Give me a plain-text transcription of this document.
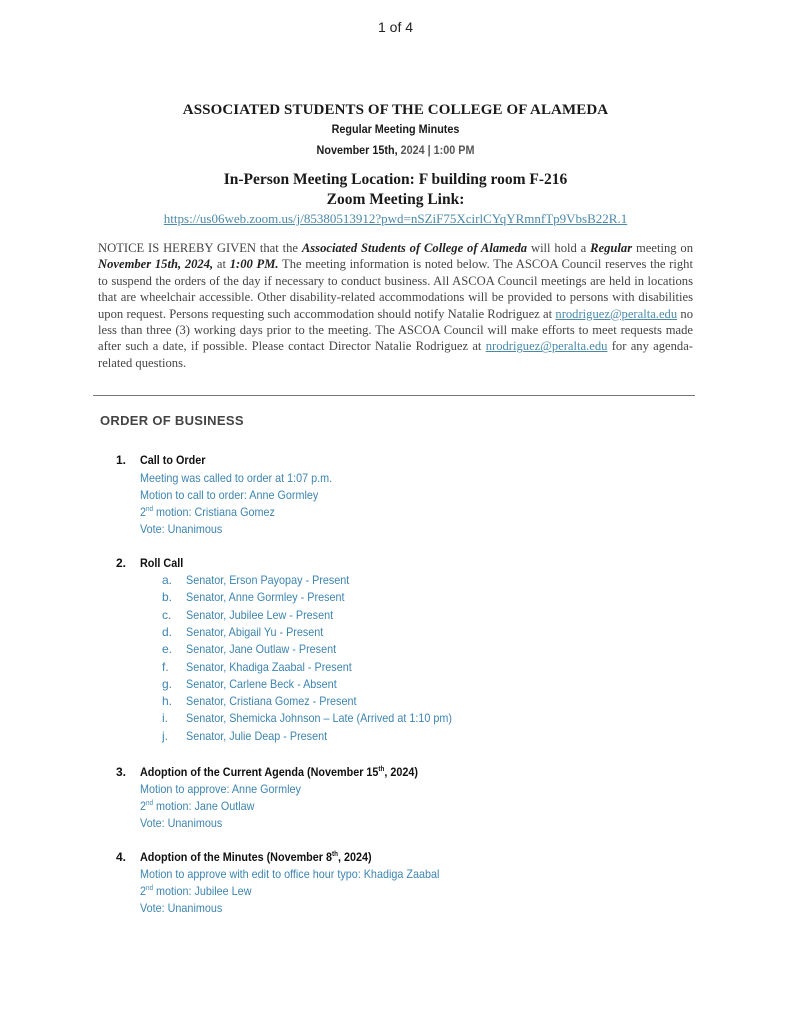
1 of 4
ASSOCIATED STUDENTS OF THE COLLEGE OF ALAMEDA
Regular Meeting Minutes
November 15th, 2024 | 1:00 PM
In-Person Meeting Location: F building room F-216
Zoom Meeting Link:
https://us06web.zoom.us/j/85380513912?pwd=nSZiF75XcirlCYqYRmnfTp9VbsB22R.1
NOTICE IS HEREBY GIVEN that the Associated Students of College of Alameda will hold a Regular meeting on November 15th, 2024, at 1:00 PM. The meeting information is noted below. The ASCOA Council reserves the right to suspend the orders of the day if necessary to conduct business. All ASCOA Council meetings are held in locations that are wheelchair accessible. Other disability-related accommodations will be provided to persons with disabilities upon request. Persons requesting such accommodation should notify Natalie Rodriguez at nrodriguez@peralta.edu no less than three (3) working days prior to the meeting. The ASCOA Council will make efforts to meet requests made after such a date, if possible. Please contact Director Natalie Rodriguez at nrodriguez@peralta.edu for any agenda-related questions.
ORDER OF BUSINESS
1. Call to Order
Meeting was called to order at 1:07 p.m.
Motion to call to order: Anne Gormley
2nd motion: Cristiana Gomez
Vote: Unanimous
2. Roll Call
a. Senator, Erson Payopay - Present
b. Senator, Anne Gormley - Present
c. Senator, Jubilee Lew - Present
d. Senator, Abigail Yu - Present
e. Senator, Jane Outlaw - Present
f. Senator, Khadiga Zaabal - Present
g. Senator, Carlene Beck - Absent
h. Senator, Cristiana Gomez - Present
i. Senator, Shemicka Johnson – Late (Arrived at 1:10 pm)
j. Senator, Julie Deap - Present
3. Adoption of the Current Agenda (November 15th, 2024)
Motion to approve: Anne Gormley
2nd motion: Jane Outlaw
Vote: Unanimous
4. Adoption of the Minutes (November 8th, 2024)
Motion to approve with edit to office hour typo: Khadiga Zaabal
2nd motion: Jubilee Lew
Vote: Unanimous
